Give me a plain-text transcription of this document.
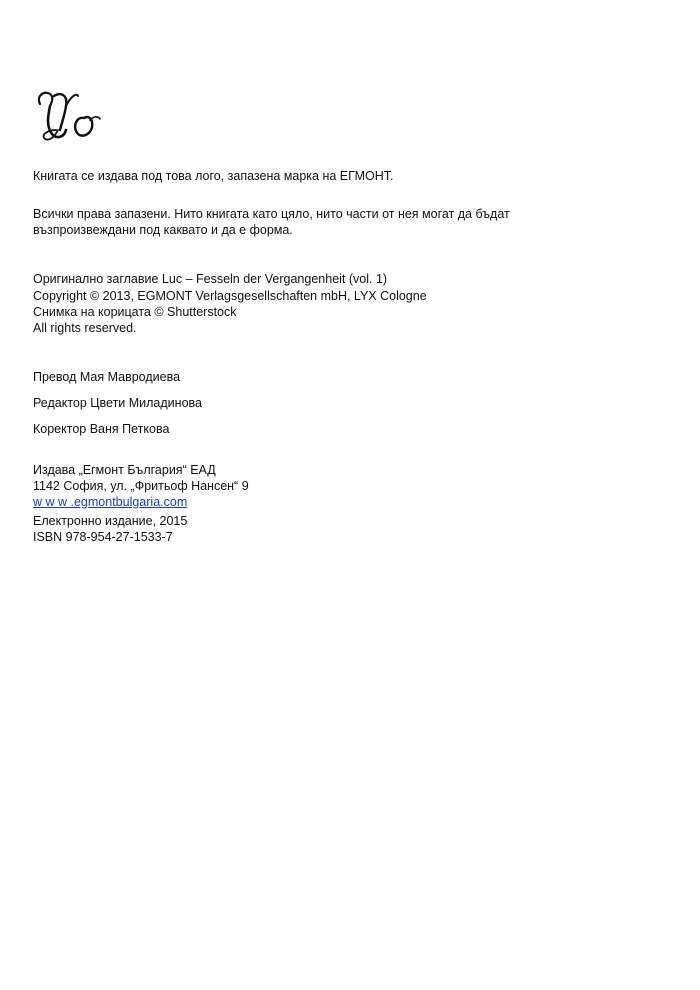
Книгата се издава под това лого, запазена марка на ЕГМОНТ.
Всички права запазени. Нито книгата като цяло, нито части от нея могат да бъдат
възпроизвеждани под каквато и да е форма.
Оригинално заглавие Luc – Fesseln der Vergangenheit (vol. 1)
Copyright © 2013, EGMONT Verlagsgesellschaften mbH, LYX Cologne
Снимка на корицата © Shutterstock
All rights reserved.
Превод Мая Мавродиева
Редактор Цвети Миладинова
Коректор Ваня Петкова
Издава „Егмонт България“ ЕАД
1142 София, ул. „Фритьоф Нансен“ 9
w w w .egmontbulgaria.com
Електронно издание, 2015
ISBN 978-954-27-1533-7
